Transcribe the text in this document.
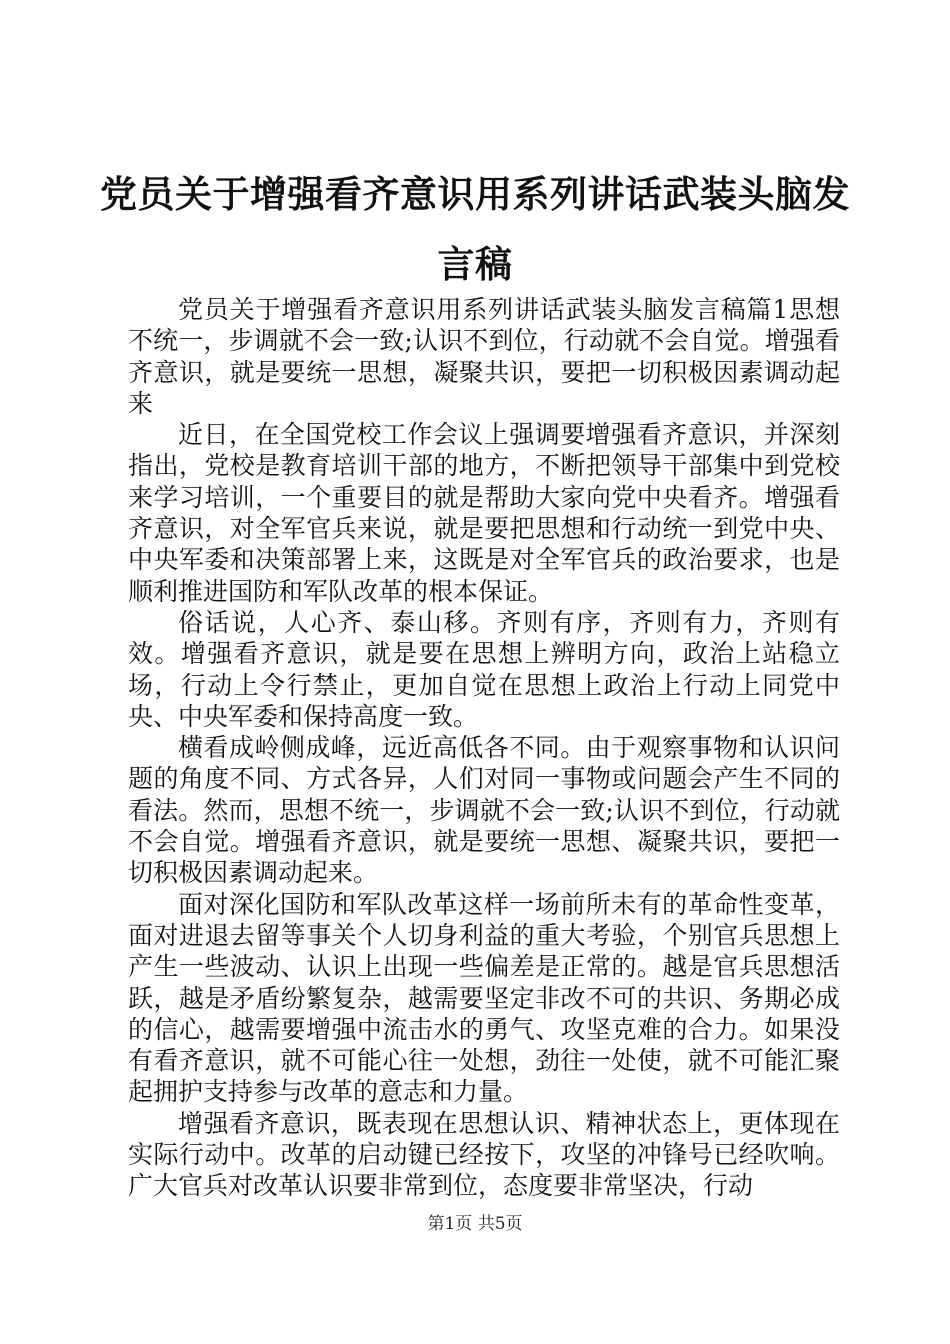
党员关于增强看齐意识用系列讲话武装头脑发言稿

党员关于增强看齐意识用系列讲话武装头脑发言稿篇1思想不统一，步调就不会一致;认识不到位，行动就不会自觉。增强看齐意识，就是要统一思想，凝聚共识，要把一切积极因素调动起来

近日，在全国党校工作会议上强调要增强看齐意识，并深刻指出，党校是教育培训干部的地方，不断把领导干部集中到党校来学习培训，一个重要目的就是帮助大家向党中央看齐。增强看齐意识，对全军官兵来说，就是要把思想和行动统一到党中央、中央军委和决策部署上来，这既是对全军官兵的政治要求，也是顺利推进国防和军队改革的根本保证。

俗话说，人心齐、泰山移。齐则有序，齐则有力，齐则有效。增强看齐意识，就是要在思想上辨明方向，政治上站稳立场，行动上令行禁止，更加自觉在思想上政治上行动上同党中央、中央军委和保持高度一致。

横看成岭侧成峰，远近高低各不同。由于观察事物和认识问题的角度不同、方式各异，人们对同一事物或问题会产生不同的看法。然而，思想不统一，步调就不会一致;认识不到位，行动就不会自觉。增强看齐意识，就是要统一思想、凝聚共识，要把一切积极因素调动起来。

面对深化国防和军队改革这样一场前所未有的革命性变革，面对进退去留等事关个人切身利益的重大考验，个别官兵思想上产生一些波动、认识上出现一些偏差是正常的。越是官兵思想活跃，越是矛盾纷繁复杂，越需要坚定非改不可的共识、务期必成的信心，越需要增强中流击水的勇气、攻坚克难的合力。如果没有看齐意识，就不可能心往一处想，劲往一处使，就不可能汇聚起拥护支持参与改革的意志和力量。

增强看齐意识，既表现在思想认识、精神状态上，更体现在实际行动中。改革的启动键已经按下，攻坚的冲锋号已经吹响。广大官兵对改革认识要非常到位，态度要非常坚决，行动

第1页 共5页
